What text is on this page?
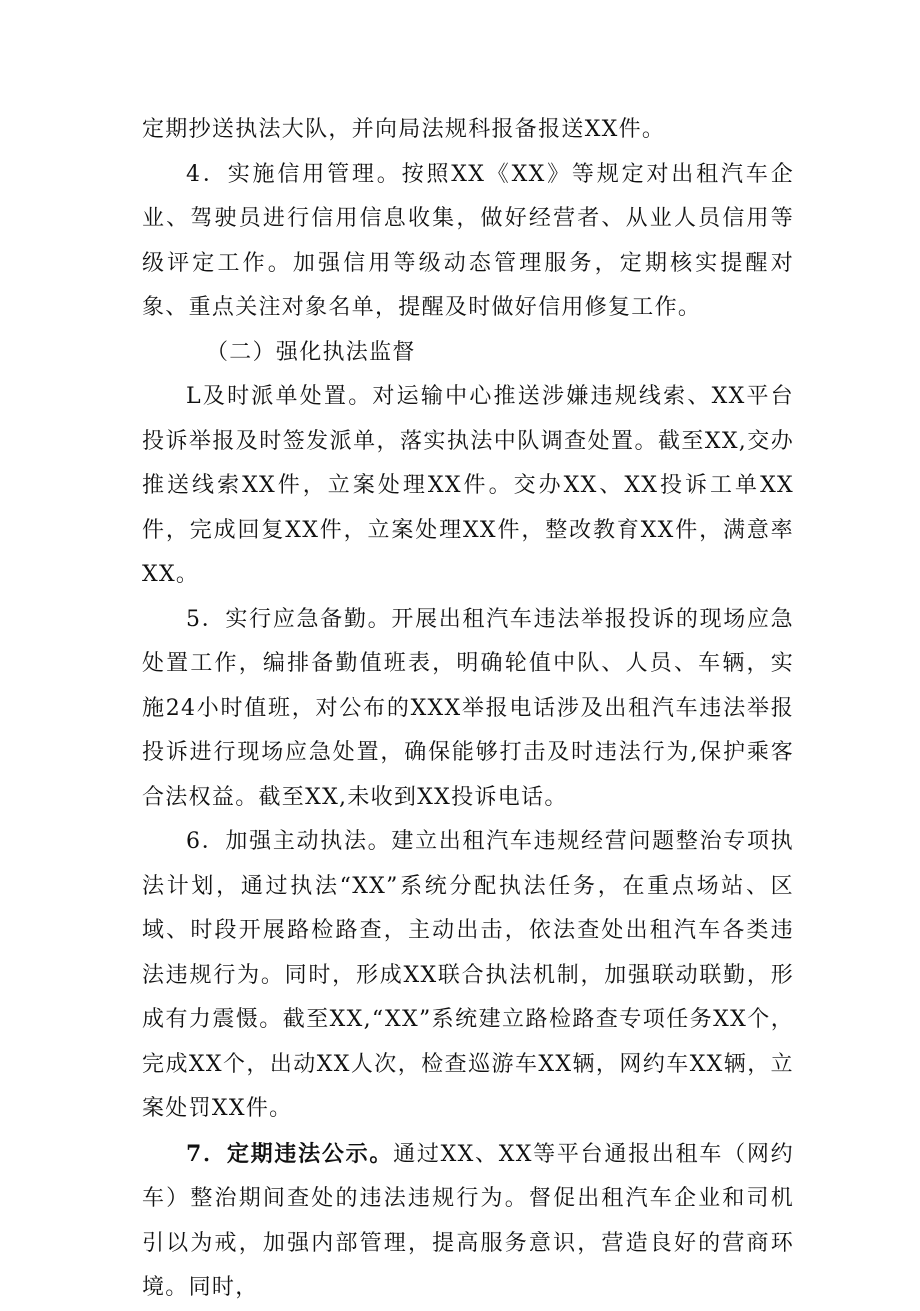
定期抄送执法大队，并向局法规科报备报送XX件。

4．实施信用管理。按照XX《XX》等规定对出租汽车企业、驾驶员进行信用信息收集，做好经营者、从业人员信用等级评定工作。加强信用等级动态管理服务，定期核实提醒对象、重点关注对象名单，提醒及时做好信用修复工作。

（二）强化执法监督

L及时派单处置。对运输中心推送涉嫌违规线索、XX平台投诉举报及时签发派单，落实执法中队调查处置。截至XX,交办推送线索XX件，立案处理XX件。交办XX、XX投诉工单XX件，完成回复XX件，立案处理XX件，整改教育XX件，满意率XX。

5．实行应急备勤。开展出租汽车违法举报投诉的现场应急处置工作，编排备勤值班表，明确轮值中队、人员、车辆，实施24小时值班，对公布的XXX举报电话涉及出租汽车违法举报投诉进行现场应急处置，确保能够打击及时违法行为,保护乘客合法权益。截至XX,未收到XX投诉电话。

6．加强主动执法。建立出租汽车违规经营问题整治专项执法计划，通过执法“XX”系统分配执法任务，在重点场站、区域、时段开展路检路查，主动出击，依法查处出租汽车各类违法违规行为。同时，形成XX联合执法机制，加强联动联勤，形成有力震慑。截至XX,“XX”系统建立路检路查专项任务XX个，完成XX个，出动XX人次，检查巡游车XX辆，网约车XX辆，立案处罚XX件。

7．定期违法公示。通过XX、XX等平台通报出租车（网约车）整治期间查处的违法违规行为。督促出租汽车企业和司机引以为戒，加强内部管理，提高服务意识，营造良好的营商环境。同时，
